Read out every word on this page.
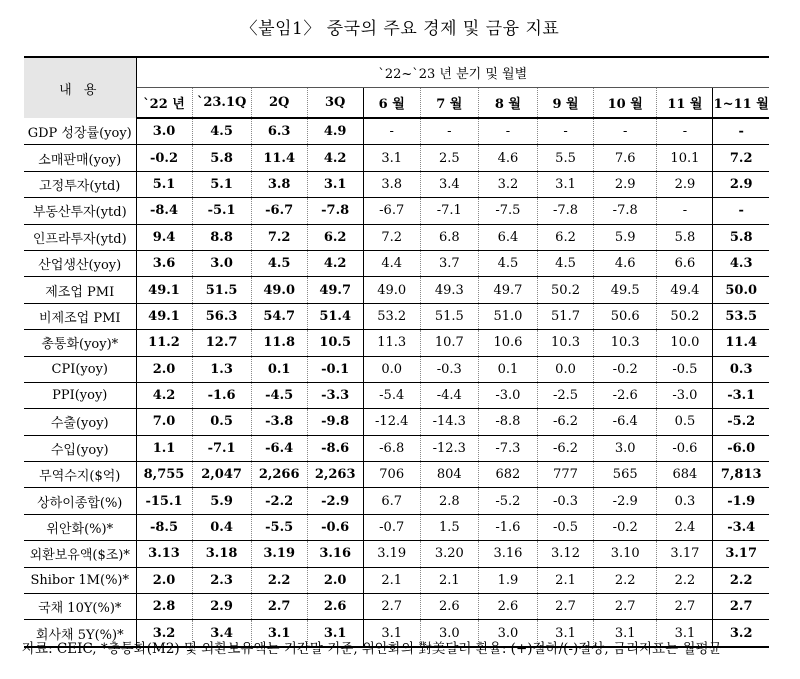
〈붙임1〉 중국의 주요 경제 및 금융 지표
내 용	`22~`23 년 분기 및 월별										
	`22 년	`23.1Q	2Q	3Q	6 월	7 월	8 월	9 월	10 월	11 월	1~11 월
GDP 성장률(yoy)	3.0	4.5	6.3	4.9	-	-	-	-	-	-	-
소매판매(yoy)	-0.2	5.8	11.4	4.2	3.1	2.5	4.6	5.5	7.6	10.1	7.2
고정투자(ytd)	5.1	5.1	3.8	3.1	3.8	3.4	3.2	3.1	2.9	2.9	2.9
부동산투자(ytd)	-8.4	-5.1	-6.7	-7.8	-6.7	-7.1	-7.5	-7.8	-7.8	-	-
인프라투자(ytd)	9.4	8.8	7.2	6.2	7.2	6.8	6.4	6.2	5.9	5.8	5.8
산업생산(yoy)	3.6	3.0	4.5	4.2	4.4	3.7	4.5	4.5	4.6	6.6	4.3
제조업 PMI	49.1	51.5	49.0	49.7	49.0	49.3	49.7	50.2	49.5	49.4	50.0
비제조업 PMI	49.1	56.3	54.7	51.4	53.2	51.5	51.0	51.7	50.6	50.2	53.5
총통화(yoy)*	11.2	12.7	11.8	10.5	11.3	10.7	10.6	10.3	10.3	10.0	11.4
CPI(yoy)	2.0	1.3	0.1	-0.1	0.0	-0.3	0.1	0.0	-0.2	-0.5	0.3
PPI(yoy)	4.2	-1.6	-4.5	-3.3	-5.4	-4.4	-3.0	-2.5	-2.6	-3.0	-3.1
수출(yoy)	7.0	0.5	-3.8	-9.8	-12.4	-14.3	-8.8	-6.2	-6.4	0.5	-5.2
수입(yoy)	1.1	-7.1	-6.4	-8.6	-6.8	-12.3	-7.3	-6.2	3.0	-0.6	-6.0
무역수지($억)	8,755	2,047	2,266	2,263	706	804	682	777	565	684	7,813
상하이종합(%)	-15.1	5.9	-2.2	-2.9	6.7	2.8	-5.2	-0.3	-2.9	0.3	-1.9
위안화(%)*	-8.5	0.4	-5.5	-0.6	-0.7	1.5	-1.6	-0.5	-0.2	2.4	-3.4
외환보유액($조)*	3.13	3.18	3.19	3.16	3.19	3.20	3.16	3.12	3.10	3.17	3.17
Shibor 1M(%)*	2.0	2.3	2.2	2.0	2.1	2.1	1.9	2.1	2.2	2.2	2.2
국채 10Y(%)*	2.8	2.9	2.7	2.6	2.7	2.6	2.6	2.7	2.7	2.7	2.7
회사채 5Y(%)*	3.2	3.4	3.1	3.1	3.1	3.0	3.0	3.1	3.1	3.1	3.2
자료: CEIC, *총통화(M2) 및 외환보유액는 기간말 기준, 위안화의 對美달러 환율: (+)절하/(-)절상, 금리지표는 월평균
